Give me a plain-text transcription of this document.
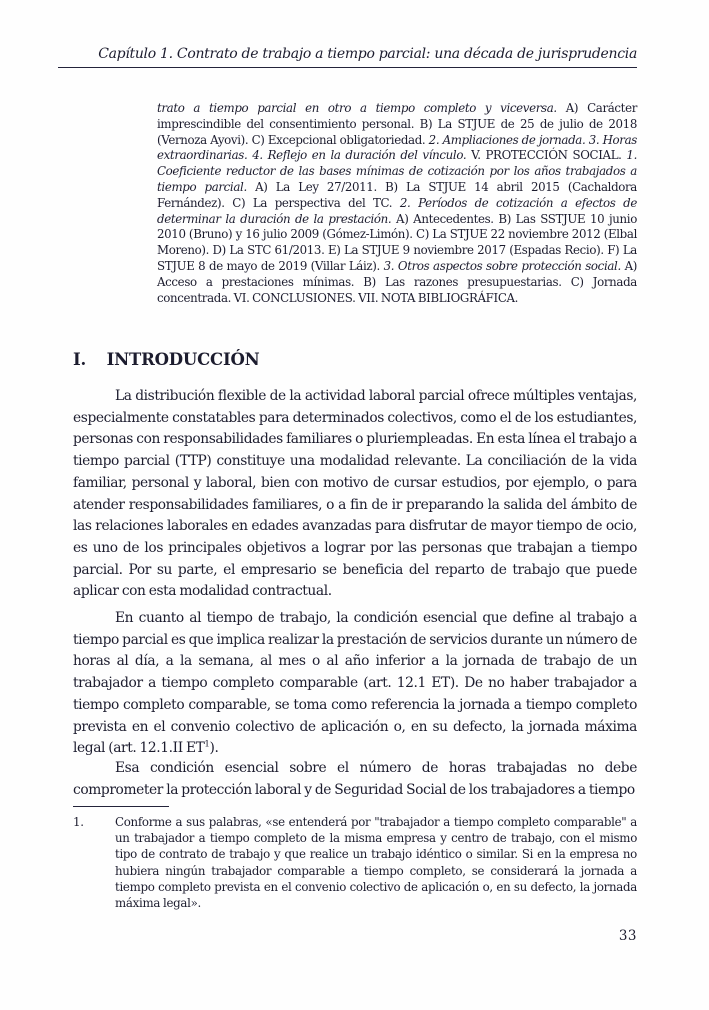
Capítulo 1. Contrato de trabajo a tiempo parcial: una década de jurisprudencia
trato a tiempo parcial en otro a tiempo completo y viceversa. A) Carácter imprescindible del consentimiento personal. B) La STJUE de 25 de julio de 2018 (Vernoza Ayovi). C) Excepcional obligatoriedad. 2. Ampliaciones de jornada. 3. Horas extraordinarias. 4. Reflejo en la duración del vínculo. V. PROTECCIÓN SOCIAL. 1. Coeficiente reductor de las bases mínimas de cotización por los años trabajados a tiempo parcial. A) La Ley 27/2011. B) La STJUE 14 abril 2015 (Cachaldora Fernández). C) La perspectiva del TC. 2. Períodos de cotización a efectos de determinar la duración de la prestación. A) Antecedentes. B) Las SSTJUE 10 junio 2010 (Bruno) y 16 julio 2009 (Gómez-Limón). C) La STJUE 22 noviembre 2012 (Elbal Moreno). D) La STC 61/2013. E) La STJUE 9 noviembre 2017 (Espadas Recio). F) La STJUE 8 de mayo de 2019 (Villar Láiz). 3. Otros aspectos sobre protección social. A) Acceso a prestaciones mínimas. B) Las razones presupuestarias. C) Jornada concentrada. VI. CONCLUSIONES. VII. NOTA BIBLIOGRÁFICA.
I. INTRODUCCIÓN

La distribución flexible de la actividad laboral parcial ofrece múltiples ventajas, especialmente constatables para determinados colectivos, como el de los estudiantes, personas con responsabilidades familiares o pluriempleadas. En esta línea el trabajo a tiempo parcial (TTP) constituye una modalidad relevante. La conciliación de la vida familiar, personal y laboral, bien con motivo de cursar estudios, por ejemplo, o para atender responsabilidades familiares, o a fin de ir preparando la salida del ámbito de las relaciones laborales en edades avanzadas para disfrutar de mayor tiempo de ocio, es uno de los principales objetivos a lograr por las personas que trabajan a tiempo parcial. Por su parte, el empresario se beneficia del reparto de trabajo que puede aplicar con esta modalidad contractual.

En cuanto al tiempo de trabajo, la condición esencial que define al trabajo a tiempo parcial es que implica realizar la prestación de servicios durante un número de horas al día, a la semana, al mes o al año inferior a la jornada de trabajo de un trabajador a tiempo completo comparable (art. 12.1 ET). De no haber trabajador a tiempo completo comparable, se toma como referencia la jornada a tiempo completo prevista en el convenio colectivo de aplicación o, en su defecto, la jornada máxima legal (art. 12.1.II $ET^1$).

Esa condición esencial sobre el número de horas trabajadas no debe comprometer la protección laboral y de Seguridad Social de los trabajadores a tiempo

1.	Conforme a sus palabras, «se entenderá por "trabajador a tiempo completo comparable" a un trabajador a tiempo completo de la misma empresa y centro de trabajo, con el mismo tipo de contrato de trabajo y que realice un trabajo idéntico o similar. Si en la empresa no hubiera ningún trabajador comparable a tiempo completo, se considerará la jornada a tiempo completo prevista en el convenio colectivo de aplicación o, en su defecto, la jornada máxima legal».
33
